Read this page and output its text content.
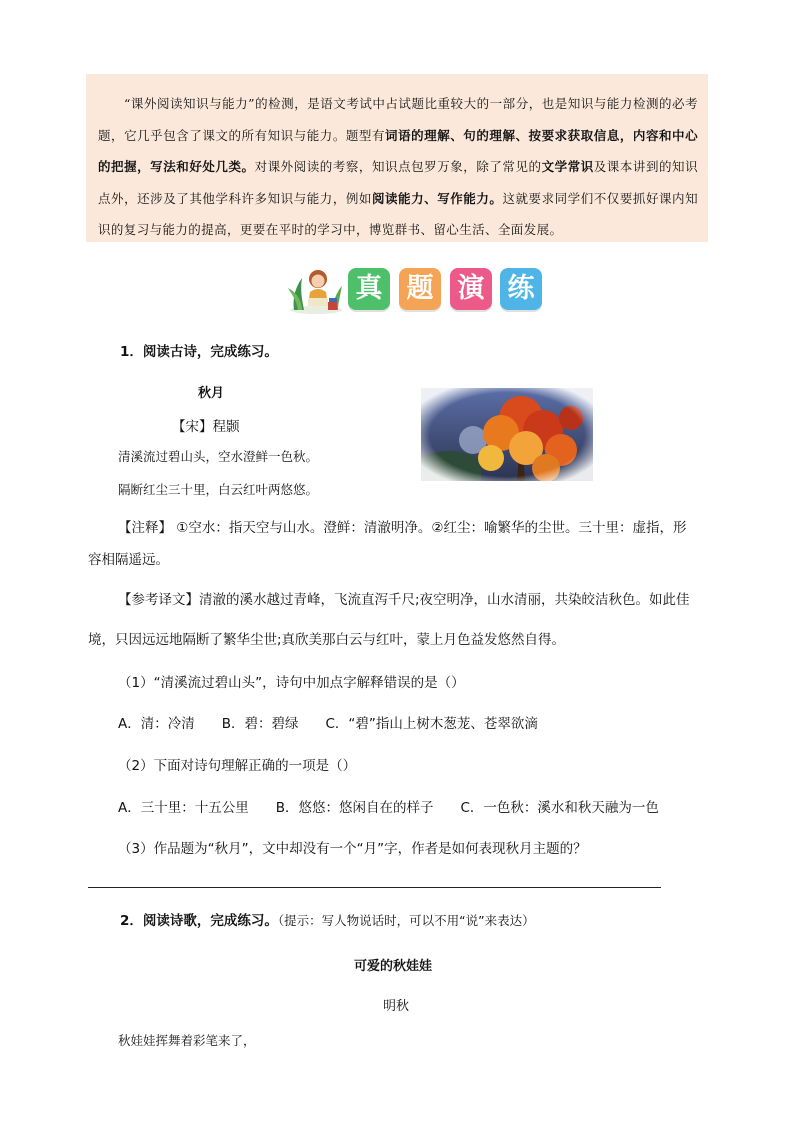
“课外阅读知识与能力”的检测，是语文考试中占试题比重较大的一部分，也是知识与能力检测的必考题，它几乎包含了课文的所有知识与能力。题型有词语的理解、句的理解、按要求获取信息，内容和中心的把握，写法和好处几类。对课外阅读的考察，知识点包罗万象，除了常见的文学常识及课本讲到的知识点外，还涉及了其他学科许多知识与能力，例如阅读能力、写作能力。这就要求同学们不仅要抓好课内知识的复习与能力的提高，更要在平时的学习中，博览群书、留心生活、全面发展。
真 题 演 练
1．阅读古诗，完成练习。
秋月
【宋】程颢
清溪流过碧山头，空水澄鲜一色秋。
隔断红尘三十里，白云红叶两悠悠。
【注释】 ①空水：指天空与山水。澄鲜：清澈明净。②红尘：喻繁华的尘世。三十里：虚指，形
容相隔遥远。
【参考译文】清澈的溪水越过青峰，飞流直泻千尺;夜空明净，山水清丽，共染皎洁秋色。如此佳
境，只因远远地隔断了繁华尘世;真欣美那白云与红叶，蒙上月色益发悠然自得。
（1）“清溪流过碧山头”，诗句中加点字解释错误的是（）
A．清：冷清　　B．碧：碧绿　　C．“碧”指山上树木葱茏、苍翠欲滴
（2）下面对诗句理解正确的一项是（）
A．三十里：十五公里　　B．悠悠：悠闲自在的样子　　C．一色秋：溪水和秋天融为一色
（3）作品题为“秋月”，文中却没有一个“月”字，作者是如何表现秋月主题的？
2．阅读诗歌，完成练习。（提示：写人物说话时，可以不用“说”来表达）
可爱的秋娃娃
明秋
秋娃娃挥舞着彩笔来了，
